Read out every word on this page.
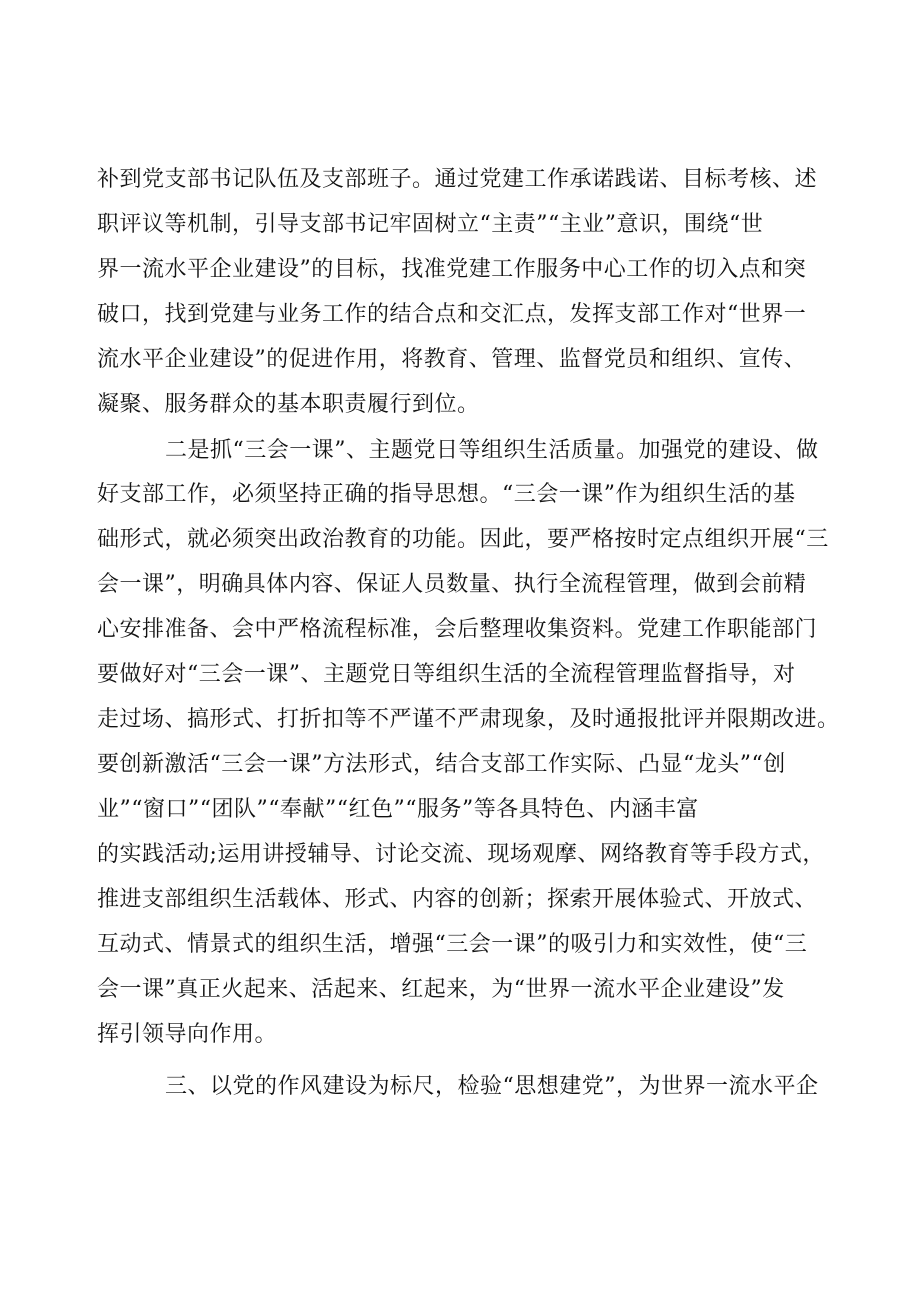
补到党支部书记队伍及支部班子。通过党建工作承诺践诺、目标考核、述

职评议等机制，引导支部书记牢固树立“主责”“主业”意识，围绕“世

界一流水平企业建设”的目标，找准党建工作服务中心工作的切入点和突

破口，找到党建与业务工作的结合点和交汇点，发挥支部工作对“世界一

流水平企业建设”的促进作用，将教育、管理、监督党员和组织、宣传、

凝聚、服务群众的基本职责履行到位。

二是抓“三会一课”、主题党日等组织生活质量。加强党的建设、做

好支部工作，必须坚持正确的指导思想。“三会一课”作为组织生活的基

础形式，就必须突出政治教育的功能。因此，要严格按时定点组织开展“三

会一课”，明确具体内容、保证人员数量、执行全流程管理，做到会前精

心安排准备、会中严格流程标准，会后整理收集资料。党建工作职能部门

要做好对“三会一课”、主题党日等组织生活的全流程管理监督指导，对

走过场、搞形式、打折扣等不严谨不严肃现象，及时通报批评并限期改进。

要创新激活“三会一课”方法形式，结合支部工作实际、凸显“龙头”“创

业”“窗口”“团队”“奉献”“红色”“服务”等各具特色、内涵丰富

的实践活动;运用讲授辅导、讨论交流、现场观摩、网络教育等手段方式，

推进支部组织生活载体、形式、内容的创新；探索开展体验式、开放式、

互动式、情景式的组织生活，增强“三会一课”的吸引力和实效性，使“三

会一课”真正火起来、活起来、红起来，为“世界一流水平企业建设”发

挥引领导向作用。

三、以党的作风建设为标尺，检验“思想建党”，为世界一流水平企
